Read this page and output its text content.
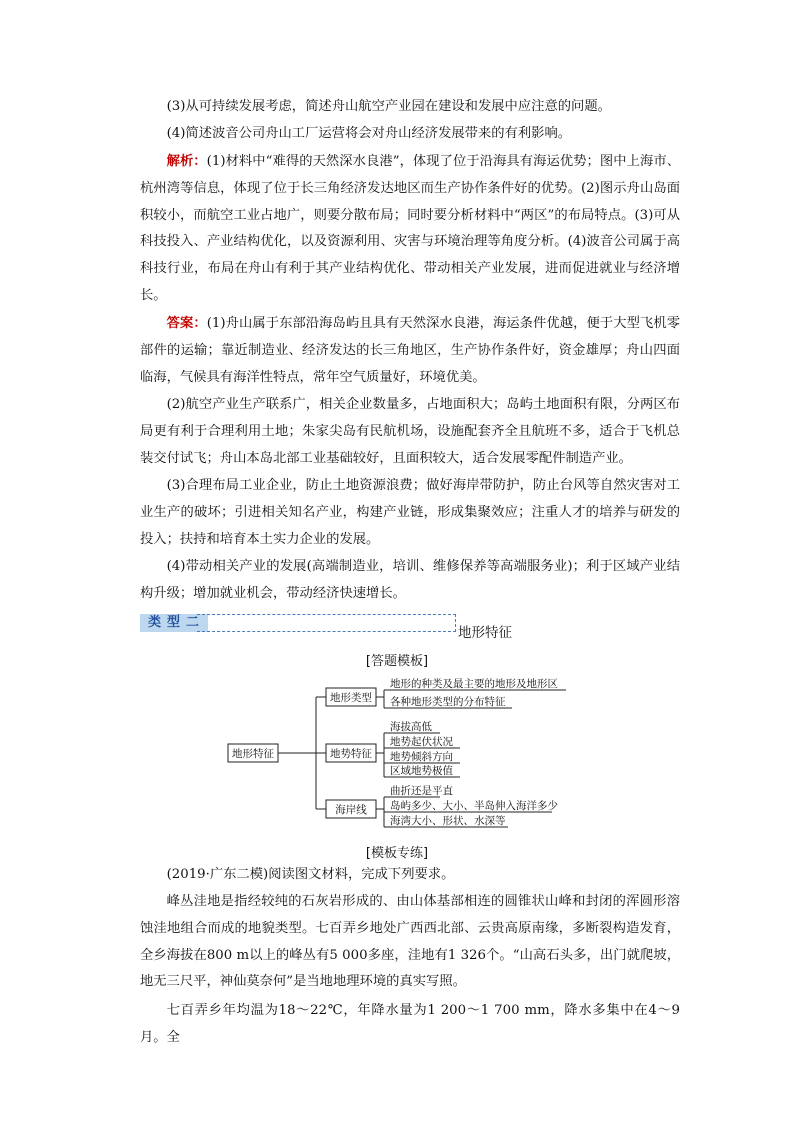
(3)从可持续发展考虑，简述舟山航空产业园在建设和发展中应注意的问题。

(4)简述波音公司舟山工厂运营将会对舟山经济发展带来的有利影响。

解析：(1)材料中“难得的天然深水良港”，体现了位于沿海具有海运优势；图中上海市、杭州湾等信息，体现了位于长三角经济发达地区而生产协作条件好的优势。(2)图示舟山岛面积较小，而航空工业占地广，则要分散布局；同时要分析材料中“两区”的布局特点。(3)可从科技投入、产业结构优化，以及资源利用、灾害与环境治理等角度分析。(4)波音公司属于高科技行业，布局在舟山有利于其产业结构优化、带动相关产业发展，进而促进就业与经济增长。

答案：(1)舟山属于东部沿海岛屿且具有天然深水良港，海运条件优越，便于大型飞机零部件的运输；靠近制造业、经济发达的长三角地区，生产协作条件好，资金雄厚；舟山四面临海，气候具有海洋性特点，常年空气质量好，环境优美。

(2)航空产业生产联系广，相关企业数量多，占地面积大；岛屿土地面积有限，分两区布局更有利于合理利用土地；朱家尖岛有民航机场，设施配套齐全且航班不多，适合于飞机总装交付试飞；舟山本岛北部工业基础较好，且面积较大，适合发展零配件制造产业。

(3)合理布局工业企业，防止土地资源浪费；做好海岸带防护，防止台风等自然灾害对工业生产的破坏；引进相关知名产业，构建产业链，形成集聚效应；注重人才的培养与研发的投入；扶持和培育本土实力企业的发展。

(4)带动相关产业的发展(高端制造业，培训、维修保养等高端服务业)；利于区域产业结构升级；增加就业机会，带动经济快速增长。

类型二
地形特征
[答题模板]
地形特征
地形类型
地势特征
海岸线
地形的种类及最主要的地形及地形区
各种地形类型的分布特征
海拔高低
地势起伏状况
地势倾斜方向
区域地势极值
曲折还是平直
岛屿多少、大小、半岛伸入海洋多少
海湾大小、形状、水深等
[模板专练]

(2019·广东二模)阅读图文材料，完成下列要求。

峰丛洼地是指经较纯的石灰岩形成的、由山体基部相连的圆锥状山峰和封闭的浑圆形溶蚀洼地组合而成的地貌类型。七百弄乡地处广西西北部、云贵高原南缘，多断裂构造发育，全乡海拔在800 m以上的峰丛有5 000多座，洼地有1 326个。“山高石头多，出门就爬坡，地无三尺平，神仙莫奈何”是当地地理环境的真实写照。

七百弄乡年均温为18～22℃，年降水量为1 200～1 700 mm，降水多集中在4～9月。全
